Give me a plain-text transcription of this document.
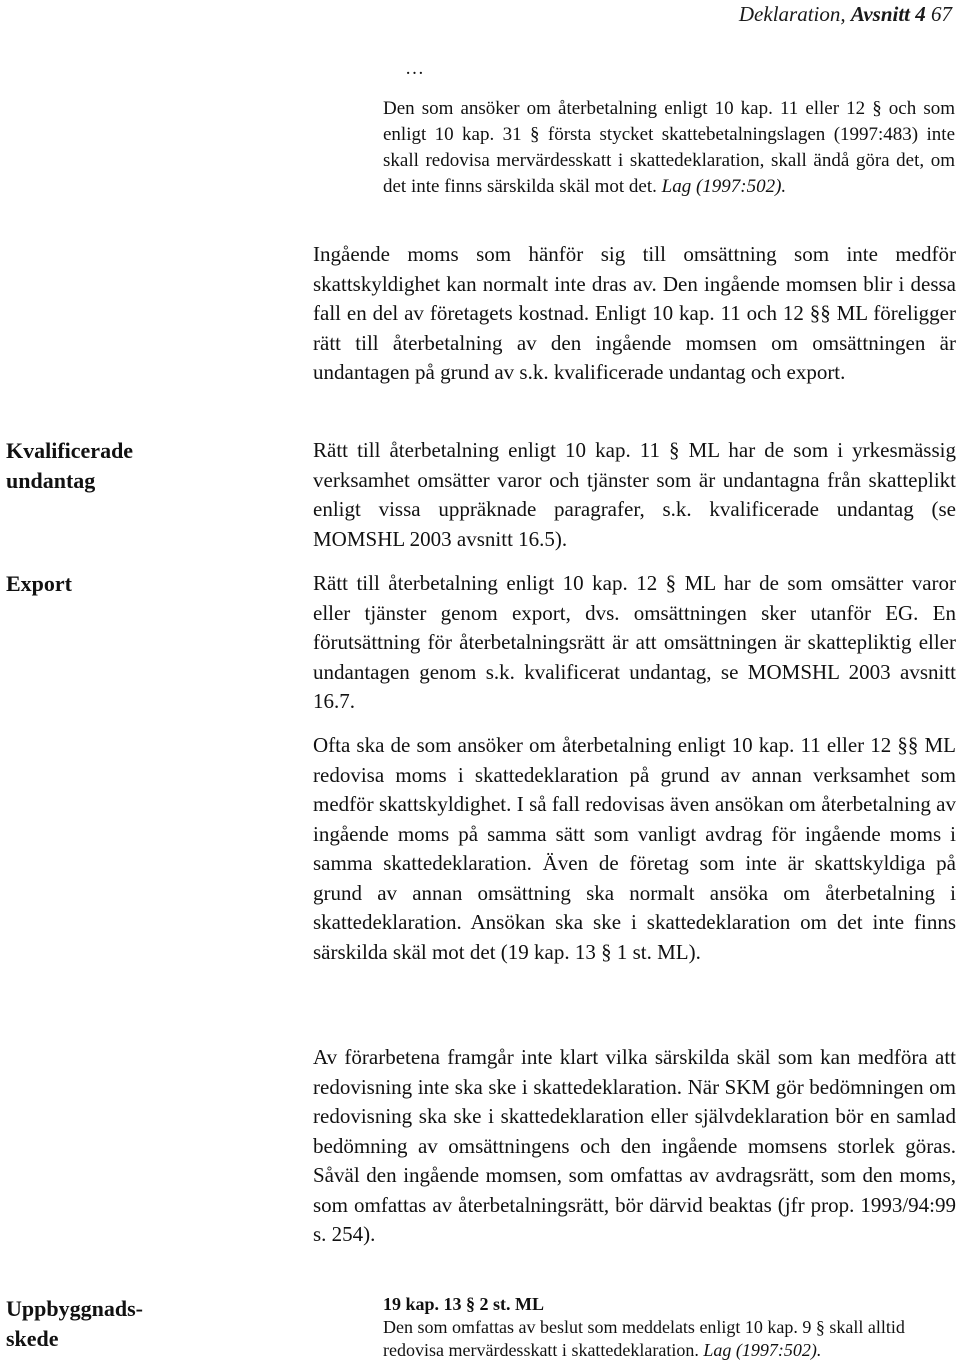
Deklaration, Avsnitt 4 67
…
Den som ansöker om återbetalning enligt 10 kap. 11 eller 12 § och som enligt 10 kap. 31 § första stycket skattebetalningslagen (1997:483) inte skall redovisa mervärdesskatt i skattedeklaration, skall ändå göra det, om det inte finns särskilda skäl mot det. Lag (1997:502).
Ingående moms som hänför sig till omsättning som inte medför skattskyldighet kan normalt inte dras av. Den ingående momsen blir i dessa fall en del av företagets kostnad. Enligt 10 kap. 11 och 12 §§ ML föreligger rätt till återbetalning av den ingående momsen om omsättningen är undantagen på grund av s.k. kvalificerade undantag och export.
Kvalificerade undantag
Rätt till återbetalning enligt 10 kap. 11 § ML har de som i yrkesmässig verksamhet omsätter varor och tjänster som är undantagna från skatteplikt enligt vissa uppräknade paragrafer, s.k. kvalificerade undantag (se MOMSHL 2003 avsnitt 16.5).
Export	Rätt till återbetalning enligt 10 kap. 12 § ML har de som omsätter varor eller tjänster genom export, dvs. omsättningen sker utanför EG. En förutsättning för återbetalningsrätt är att omsättningen är skattepliktig eller undantagen genom s.k. kvalificerat undantag, se MOMSHL 2003 avsnitt 16.7.
Ofta ska de som ansöker om återbetalning enligt 10 kap. 11 eller 12 §§ ML redovisa moms i skattedeklaration på grund av annan verksamhet som medför skattskyldighet. I så fall redovisas även ansökan om återbetalning av ingående moms på samma sätt som vanligt avdrag för ingående moms i samma skattedeklaration. Även de företag som inte är skattskyldiga på grund av annan omsättning ska normalt ansöka om återbetalning i skattedeklaration. Ansökan ska ske i skattedeklaration om det inte finns särskilda skäl mot det (19 kap. 13 § 1 st. ML).
Av förarbetena framgår inte klart vilka särskilda skäl som kan medföra att redovisning inte ska ske i skattedeklaration. När SKM gör bedömningen om redovisning ska ske i skattedeklaration eller självdeklaration bör en samlad bedömning av omsättningens och den ingående momsens storlek göras. Såväl den ingående momsen, som omfattas av avdragsrätt, som den moms, som omfattas av återbetalningsrätt, bör därvid beaktas (jfr prop. 1993/94:99 s. 254).
Uppbyggnads-
skede
19 kap. 13 § 2 st. ML
Den som omfattas av beslut som meddelats enligt 10 kap. 9 § skall alltid redovisa mervärdesskatt i skattedeklaration. Lag (1997:502).
